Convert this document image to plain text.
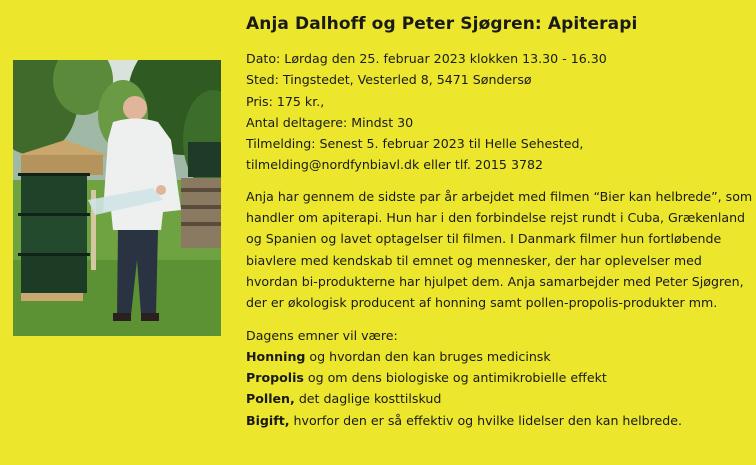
Anja Dalhoff og Peter Sjøgren: Apiterapi
Dato: Lørdag den 25. februar 2023 klokken 13.30 - 16.30
Sted: Tingstedet, Vesterled 8, 5471 Søndersø
Pris: 175 kr.,
Antal deltagere: Mindst 30
Tilmelding: Senest 5. februar 2023 til Helle Sehested,
tilmelding@nordfynbiavl.dk eller tlf. 2015 3782
Anja har gennem de sidste par år arbejdet med filmen “Bier kan helbrede”, som
handler om apiterapi. Hun har i den forbindelse rejst rundt i Cuba, Grækenland
og Spanien og lavet optagelser til filmen. I Danmark filmer hun fortløbende
biavlere med kendskab til emnet og mennesker, der har oplevelser med
hvordan bi-produkterne har hjulpet dem. Anja samarbejder med Peter Sjøgren,
der er økologisk producent af honning samt pollen-propolis-produkter mm.
Dagens emner vil være:
Honning og hvordan den kan bruges medicinsk
Propolis og om dens biologiske og antimikrobielle effekt
Pollen, det daglige kosttilskud
Bigift, hvorfor den er så effektiv og hvilke lidelser den kan helbrede.
